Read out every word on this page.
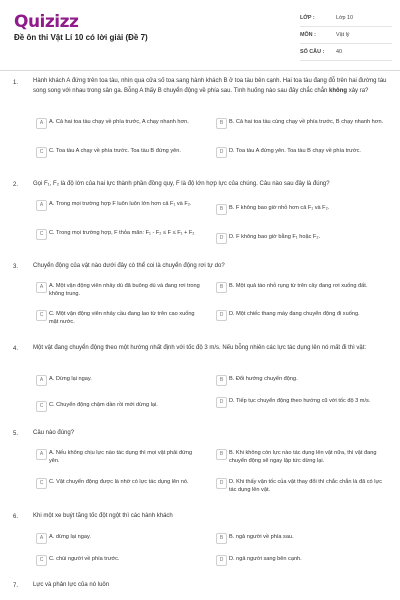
Quizizz
Đề ôn thi Vật Lí 10 có lời giải (Đề 7)
LỚP :	Lớp 10
MÔN :	Vật lý
SỐ CÂU : 40
1. Hành khách A đứng trên toa tàu, nhìn qua cửa số toa sang hành khách B ở toa tàu bên cạnh. Hai toa tàu đang đỗ trên hai đường tàu song song với nhau trong sân ga. Bỗng A thấy B chuyển động về phía sau. Tình huống nào sau đây chắc chắn không xảy ra?
A	A. Cả hai toa tàu chạy về phía trước, A chạy nhanh hơn.	B	B. Cả hai toa tàu cùng chạy về phía trước, B chạy nhanh hơn.
C	C. Toa tàu A chạy về phía trước. Toa tàu B đứng yên.	D	D. Toa tàu A đứng yên. Toa tàu B chạy về phía trước.
2. Gọi F₁, F₂ là độ lớn của hai lực thành phần đồng quy, F là độ lớn hợp lực của chúng. Câu nào sau đây là đúng?
A	A. Trong mọi trường hợp F luôn luôn lớn hơn cả F₁ và F₂.
B	B. F không bao giờ nhỏ hơn cả F₁ và F₂.
C	C. Trong mọi trường hợp, F thỏa mãn: F₁ - F₂ ≤ F ≤ F₁ + F₂
D	D. F không bao giờ bằng F₁ hoặc F₂.
3. Chuyển động của vật nào dưới đây có thể coi là chuyển động rơi tự do?
A	A. Một vận động viên nhảy dù đã buông dù và đang rơi trong không trung.
B	B. Một quả táo nhỏ rụng từ trên cây đang rơi xuống đất.
C	C. Một vận động viên nhảy cầu đang lao từ trên cao xuống mặt nước.
D	D. Một chiếc thang máy đang chuyển động đi xuống.
4. Một vật đang chuyển động theo một hướng nhất định với tốc độ 3 m/s. Nếu bỗng nhiên các lực tác dụng lên nó mất đi thì vật:
A	A. Dừng lại ngay.	B	B. Đổi hướng chuyển động.
C	C. Chuyển động chậm dần rồi mới dừng lại.	D	D. Tiếp tục chuyển động theo hướng cũ với tốc độ 3 m/s.
5. Câu nào đúng?
A	A. Nếu không chịu lực nào tác dụng thì mọi vật phải đứng yên.
B	B. Khi không còn lực nào tác dụng lên vật nữa, thì vật đang chuyển động sẽ ngay lập tức dừng lại.
C	C. Vật chuyển động được là nhờ có lực tác dụng lên nó.	D	D. Khi thấy vận tốc của vật thay đổi thì chắc chắn là đã có lực tác dụng lên vật.
6. Khi một xe buýt tăng tốc đột ngột thì các hành khách
A	A. dừng lại ngay.	B	B. ngả người về phía sau.
C	C. chúi người về phía trước.	D	D. ngả người sang bên cạnh.
7. Lực và phản lực của nó luôn
